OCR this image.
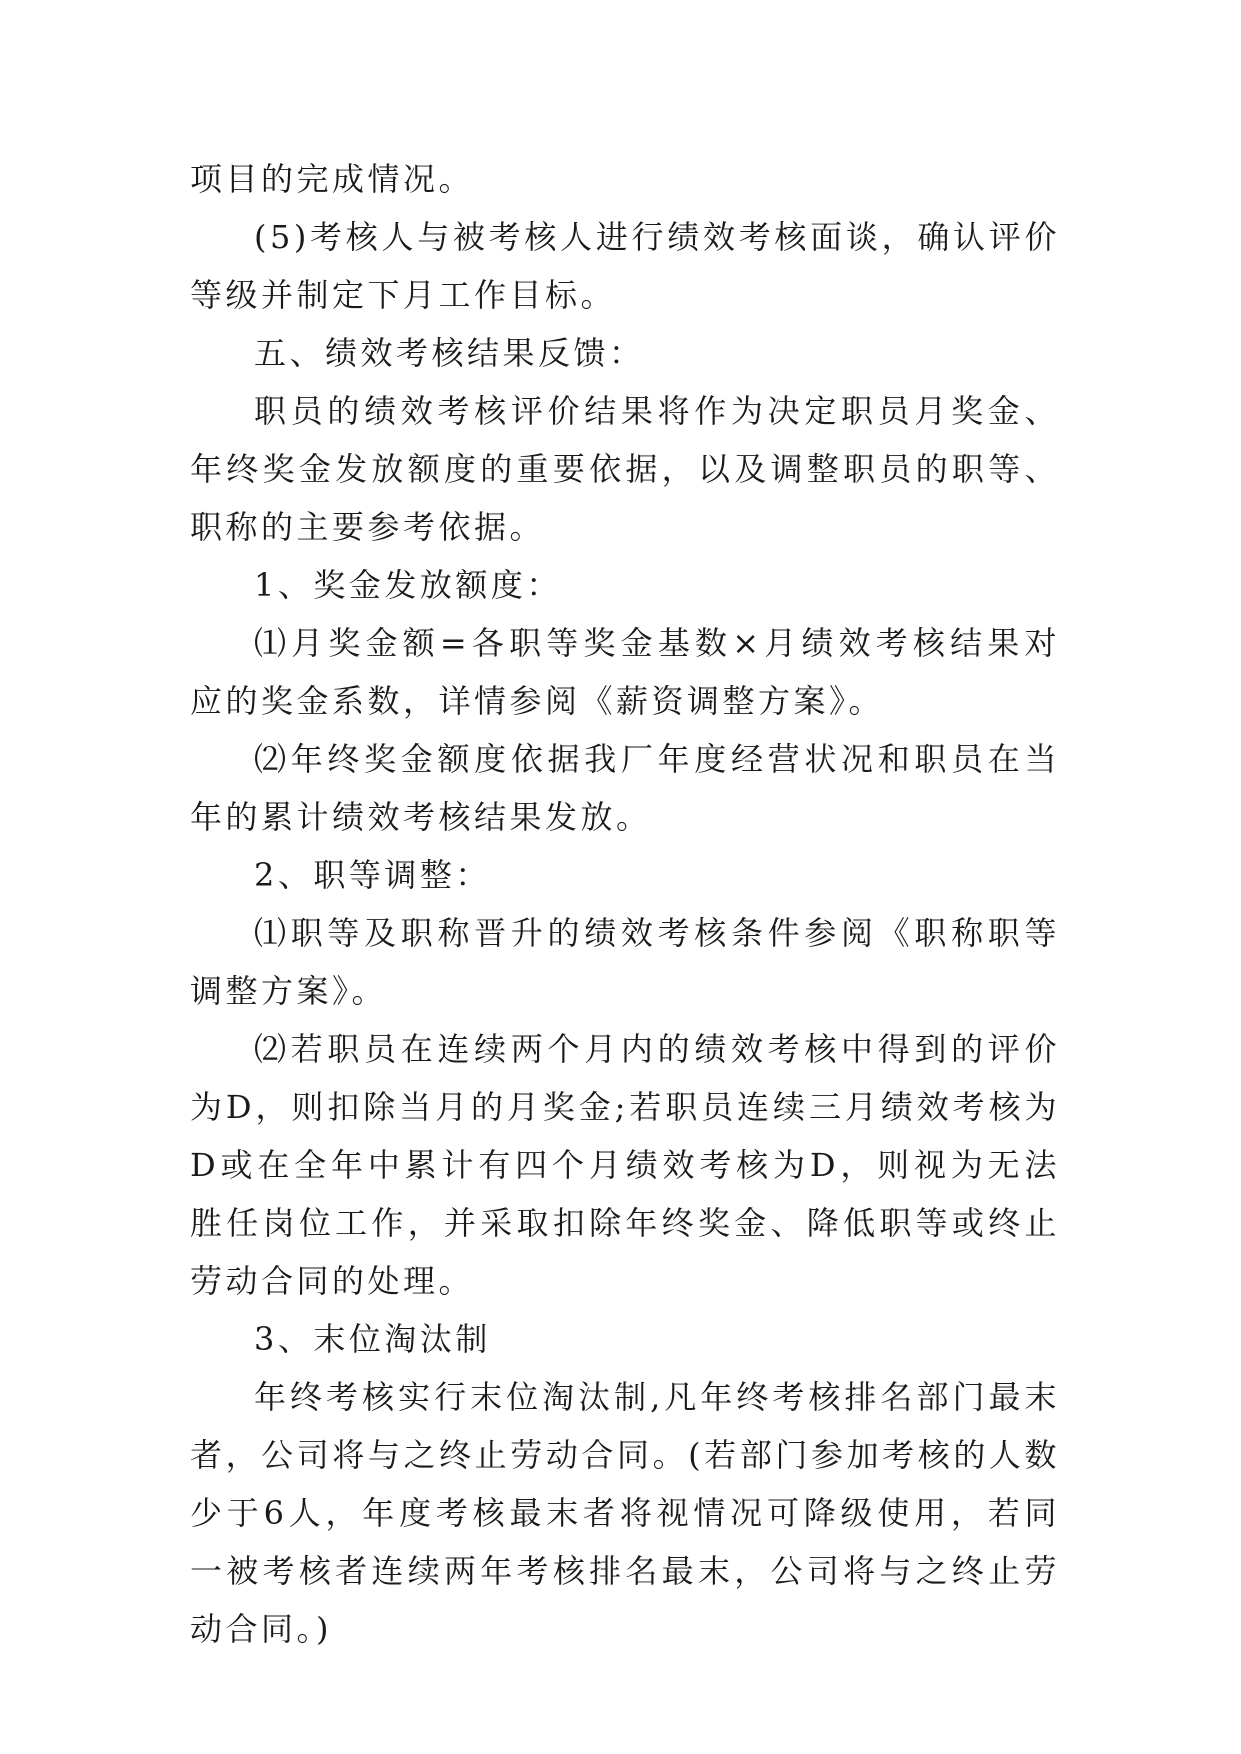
项目的完成情况。

(5)考核人与被考核人进行绩效考核面谈，确认评价等级并制定下月工作目标。

五、绩效考核结果反馈：

职员的绩效考核评价结果将作为决定职员月奖金、年终奖金发放额度的重要依据，以及调整职员的职等、职称的主要参考依据。

1、奖金发放额度：

⑴月奖金额=各职等奖金基数×月绩效考核结果对应的奖金系数，详情参阅《薪资调整方案》。

⑵年终奖金额度依据我厂年度经营状况和职员在当年的累计绩效考核结果发放。

2、职等调整：

⑴职等及职称晋升的绩效考核条件参阅《职称职等调整方案》。

⑵若职员在连续两个月内的绩效考核中得到的评价为D，则扣除当月的月奖金;若职员连续三月绩效考核为D或在全年中累计有四个月绩效考核为D，则视为无法胜任岗位工作，并采取扣除年终奖金、降低职等或终止劳动合同的处理。

3、末位淘汰制

年终考核实行末位淘汰制,凡年终考核排名部门最末者，公司将与之终止劳动合同。(若部门参加考核的人数少于6人，年度考核最末者将视情况可降级使用，若同一被考核者连续两年考核排名最末，公司将与之终止劳动合同。)
